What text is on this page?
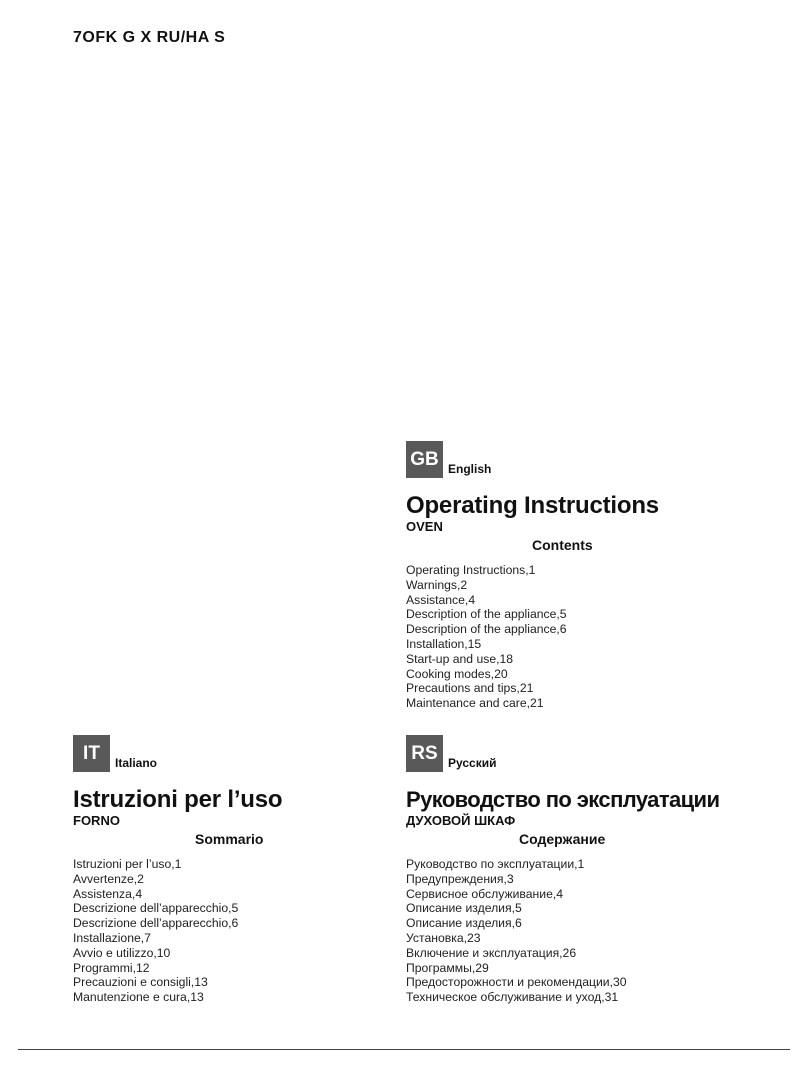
7OFK G X RU/HA S
GB English
Operating Instructions
OVEN
Contents
Operating Instructions,1
Warnings,2
Assistance,4
Description of the appliance,5
Description of the appliance,6
Installation,15
Start-up and use,18
Cooking modes,20
Precautions and tips,21
Maintenance and care,21
IT	Italiano
Istruzioni per l’uso
FORNO
Sommario
Istruzioni per l’uso,1
Avvertenze,2
Assistenza,4
Descrizione dell’apparecchio,5
Descrizione dell’apparecchio,6
Installazione,7
Avvio e utilizzo,10
Programmi,12
Precauzioni e consigli,13
Manutenzione e cura,13
RS Русский
Руководство по эксплуатации
ДУХОВОЙ ШКАФ
Содержание
Руководство по эксплуатации,1
Предупреждения,3
Сервисное обслуживание,4
Описание изделия,5
Описание изделия,6
Установка,23
Включение и эксплуатация,26
Программы,29
Предосторожности и рекомендации,30
Техническое обслуживание и уход,31
